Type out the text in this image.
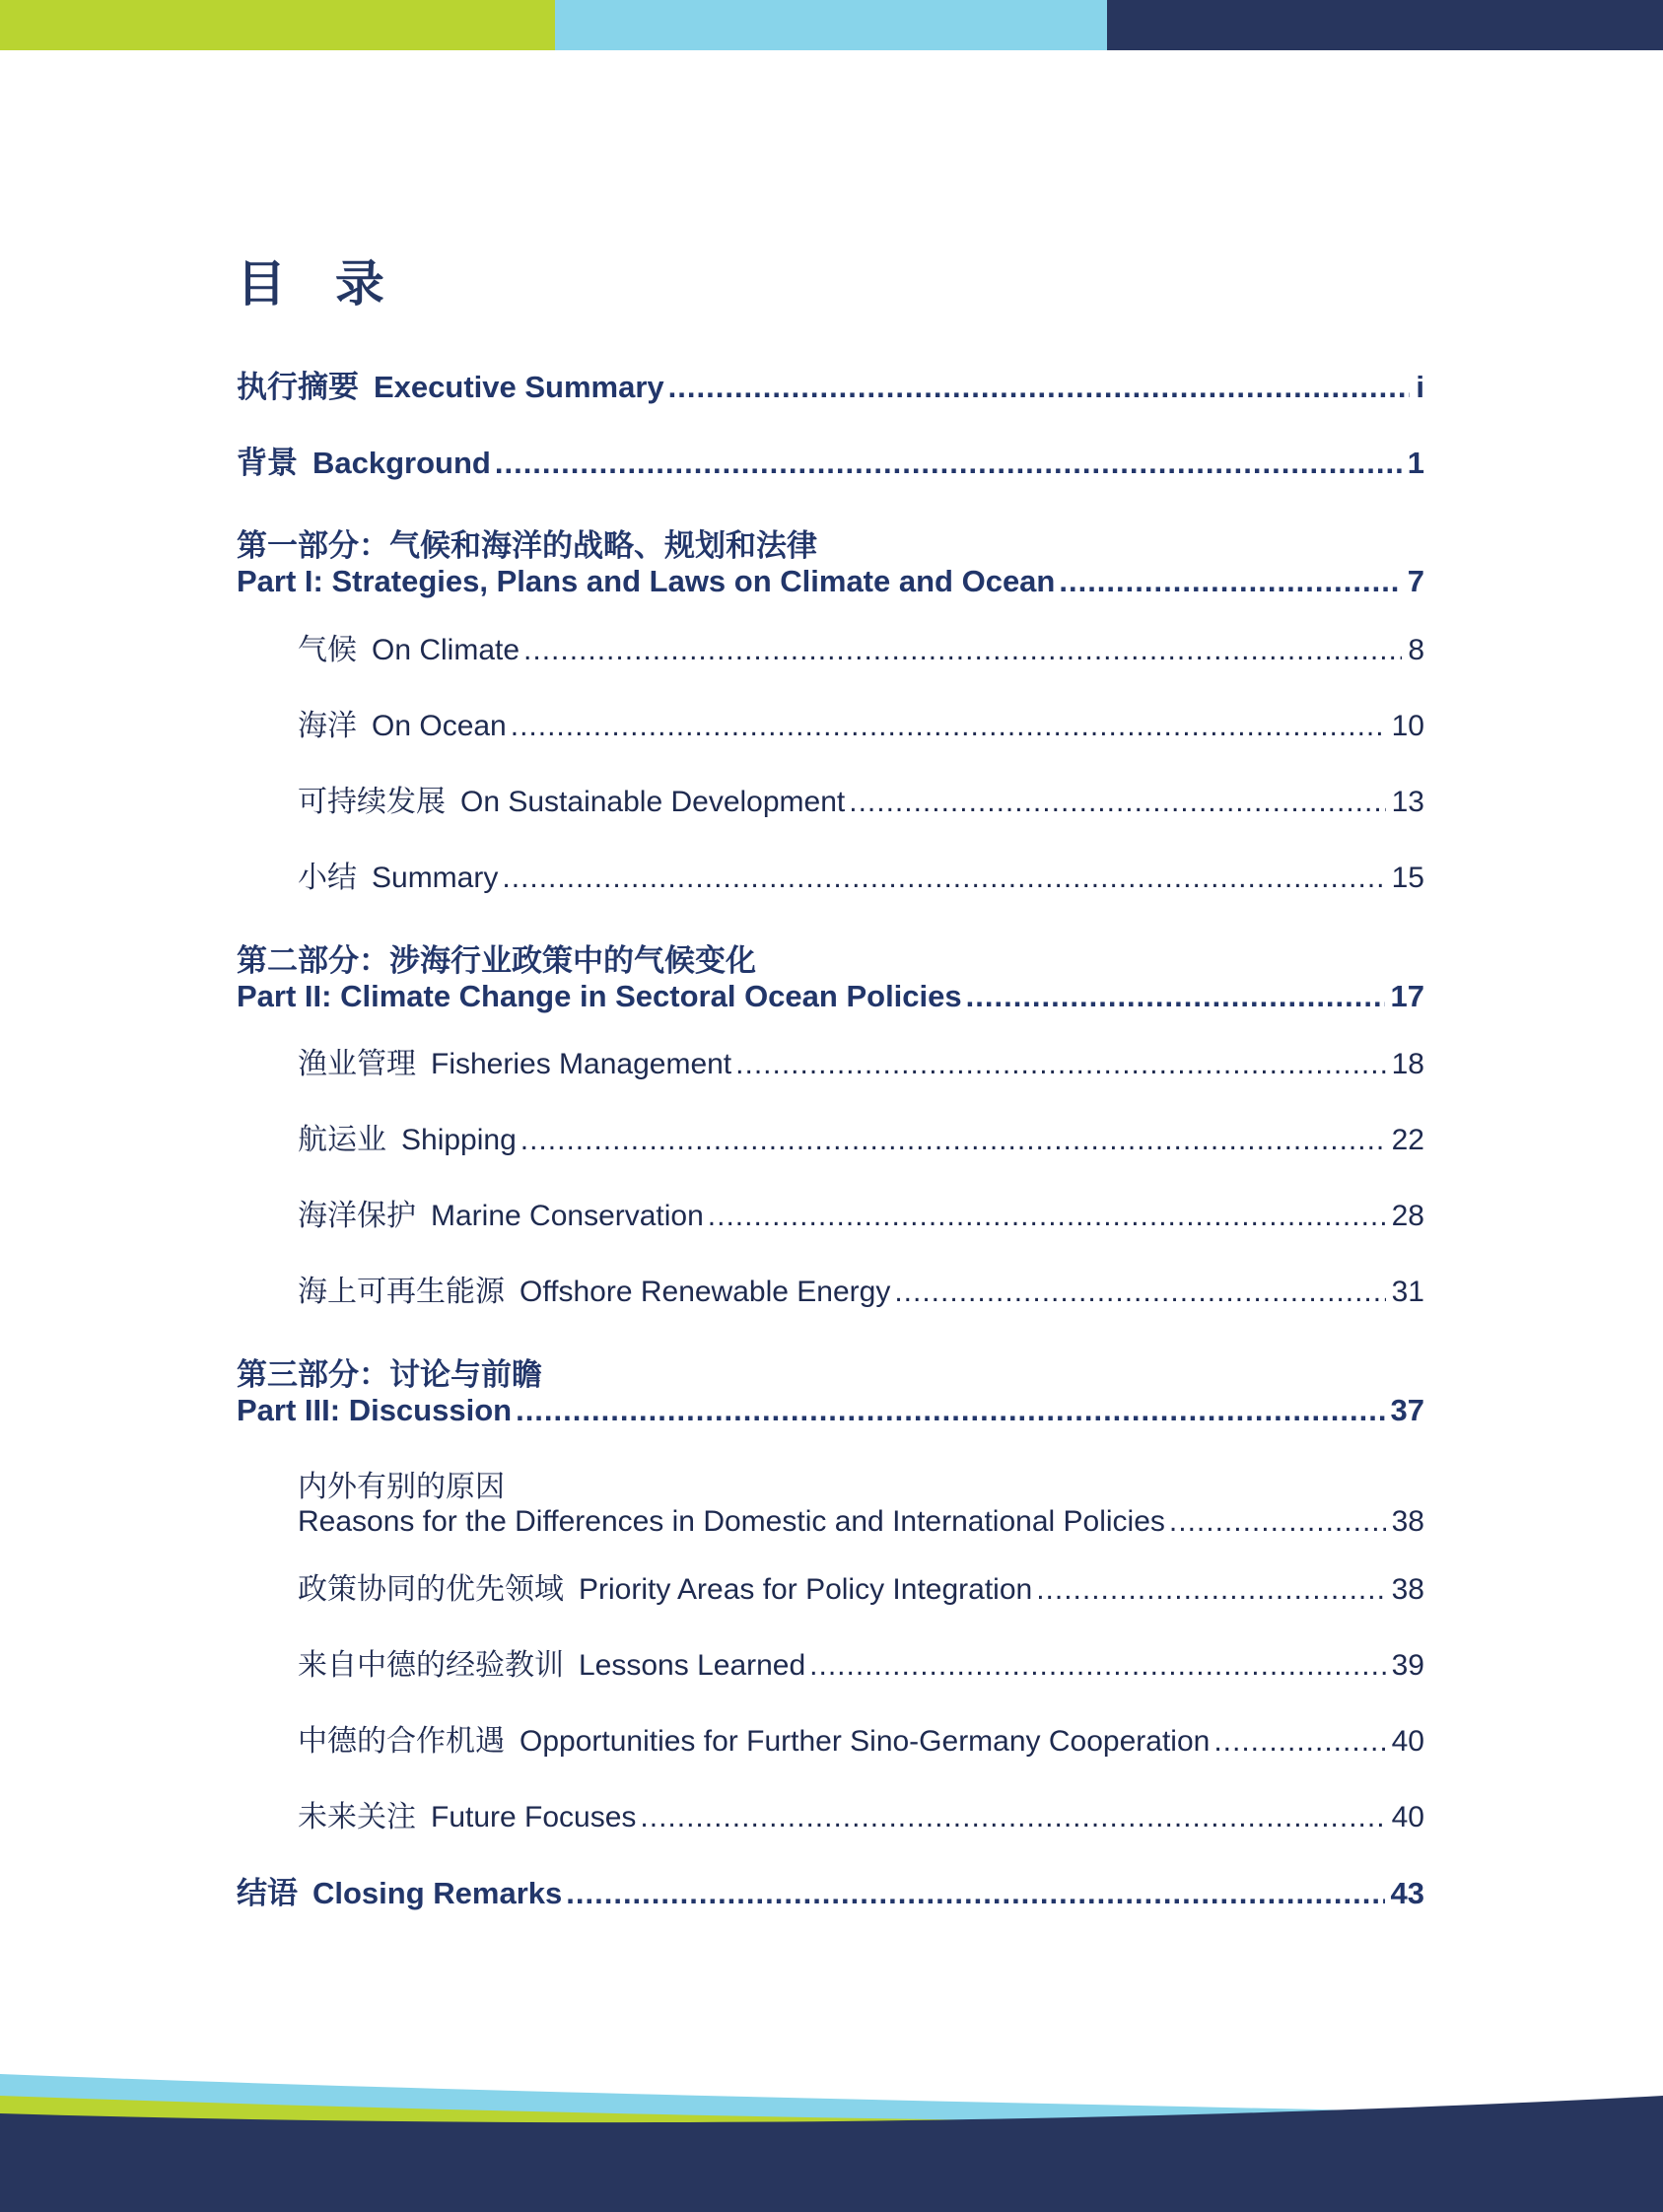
目 录
执行摘要 Executive Summary .....	i
背景 Background .....	1
第一部分：气候和海洋的战略、规划和法律
Part I: Strategies, Plans and Laws on Climate and Ocean .....	7
气候 On Climate .....	8
海洋 On Ocean .....	10
可持续发展 On Sustainable Development .....	13
小结 Summary .....	15
第二部分：涉海行业政策中的气候变化
Part II: Climate Change in Sectoral Ocean Policies .....	17
渔业管理 Fisheries Management .....	18
航运业 Shipping .....	22
海洋保护 Marine Conservation .....	28
海上可再生能源 Offshore Renewable Energy .....	31
第三部分：讨论与前瞻
Part III: Discussion .....	37
内外有别的原因
Reasons for the Differences in Domestic and International Policies .....	38
政策协同的优先领域 Priority Areas for Policy Integration .....	38
来自中德的经验教训 Lessons Learned .....	39
中德的合作机遇 Opportunities for Further Sino-Germany Cooperation .....	40
未来关注 Future Focuses .....	40
结语 Closing Remarks .....	43
